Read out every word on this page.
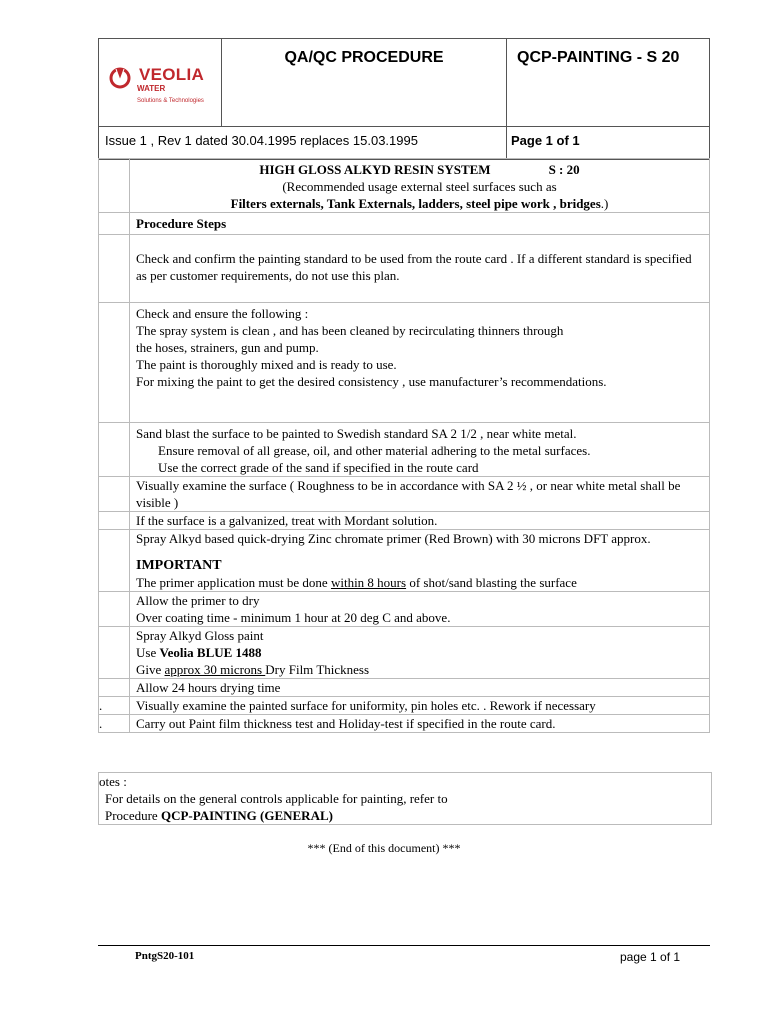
VEOLIA
WATER
Solutions & Technologies	QA/QC PROCEDURE	QCP-PAINTING - S 20
Issue 1 , Rev 1 dated 30.04.1995 replaces 15.03.1995		Page 1 of 1

	HIGH GLOSS ALKYD RESIN SYSTEM S : 20
(Recommended usage external steel surfaces such as
Filters externals, Tank Externals, ladders, steel pipe work , bridges.)

	Procedure Steps
	Check and confirm the painting standard to be used from the route card . If a different standard is specified as per customer requirements, do not use this plan.

	Check and ensure the following :
The spray system is clean , and has been cleaned by recirculating thinners through
the hoses, strainers, gun and pump.
The paint is thoroughly mixed and is ready to use.
For mixing the paint to get the desired consistency , use manufacturer’s recommendations.

	Sand blast the surface to be painted to Swedish standard SA 2 1/2 , near white metal.
Ensure removal of all grease, oil, and other material adhering to the metal surfaces.
Use the correct grade of the sand if specified in the route card

	Visually examine the surface ( Roughness to be in accordance with SA 2 ½ , or near white metal shall be visible )
	If the surface is a galvanized, treat with Mordant solution.

	Spray Alkyd based quick-drying Zinc chromate primer (Red Brown) with 30 microns DFT approx.
IMPORTANT
The primer application must be done within 8 hours of shot/sand blasting the surface

	Allow the primer to dry
Over coating time - minimum 1 hour at 20 deg C and above.

	Spray Alkyd Gloss paint
Use Veolia BLUE 1488
Give approx 30 microns Dry Film Thickness

	Allow 24 hours drying time
.	Visually examine the painted surface for uniformity, pin holes etc. . Rework if necessary
.	Carry out Paint film thickness test and Holiday-test if specified in the route card.
otes :
For details on the general controls applicable for painting, refer to
Procedure QCP-PAINTING (GENERAL)
*** (End of this document) ***
PntgS20-101	page 1 of 1
